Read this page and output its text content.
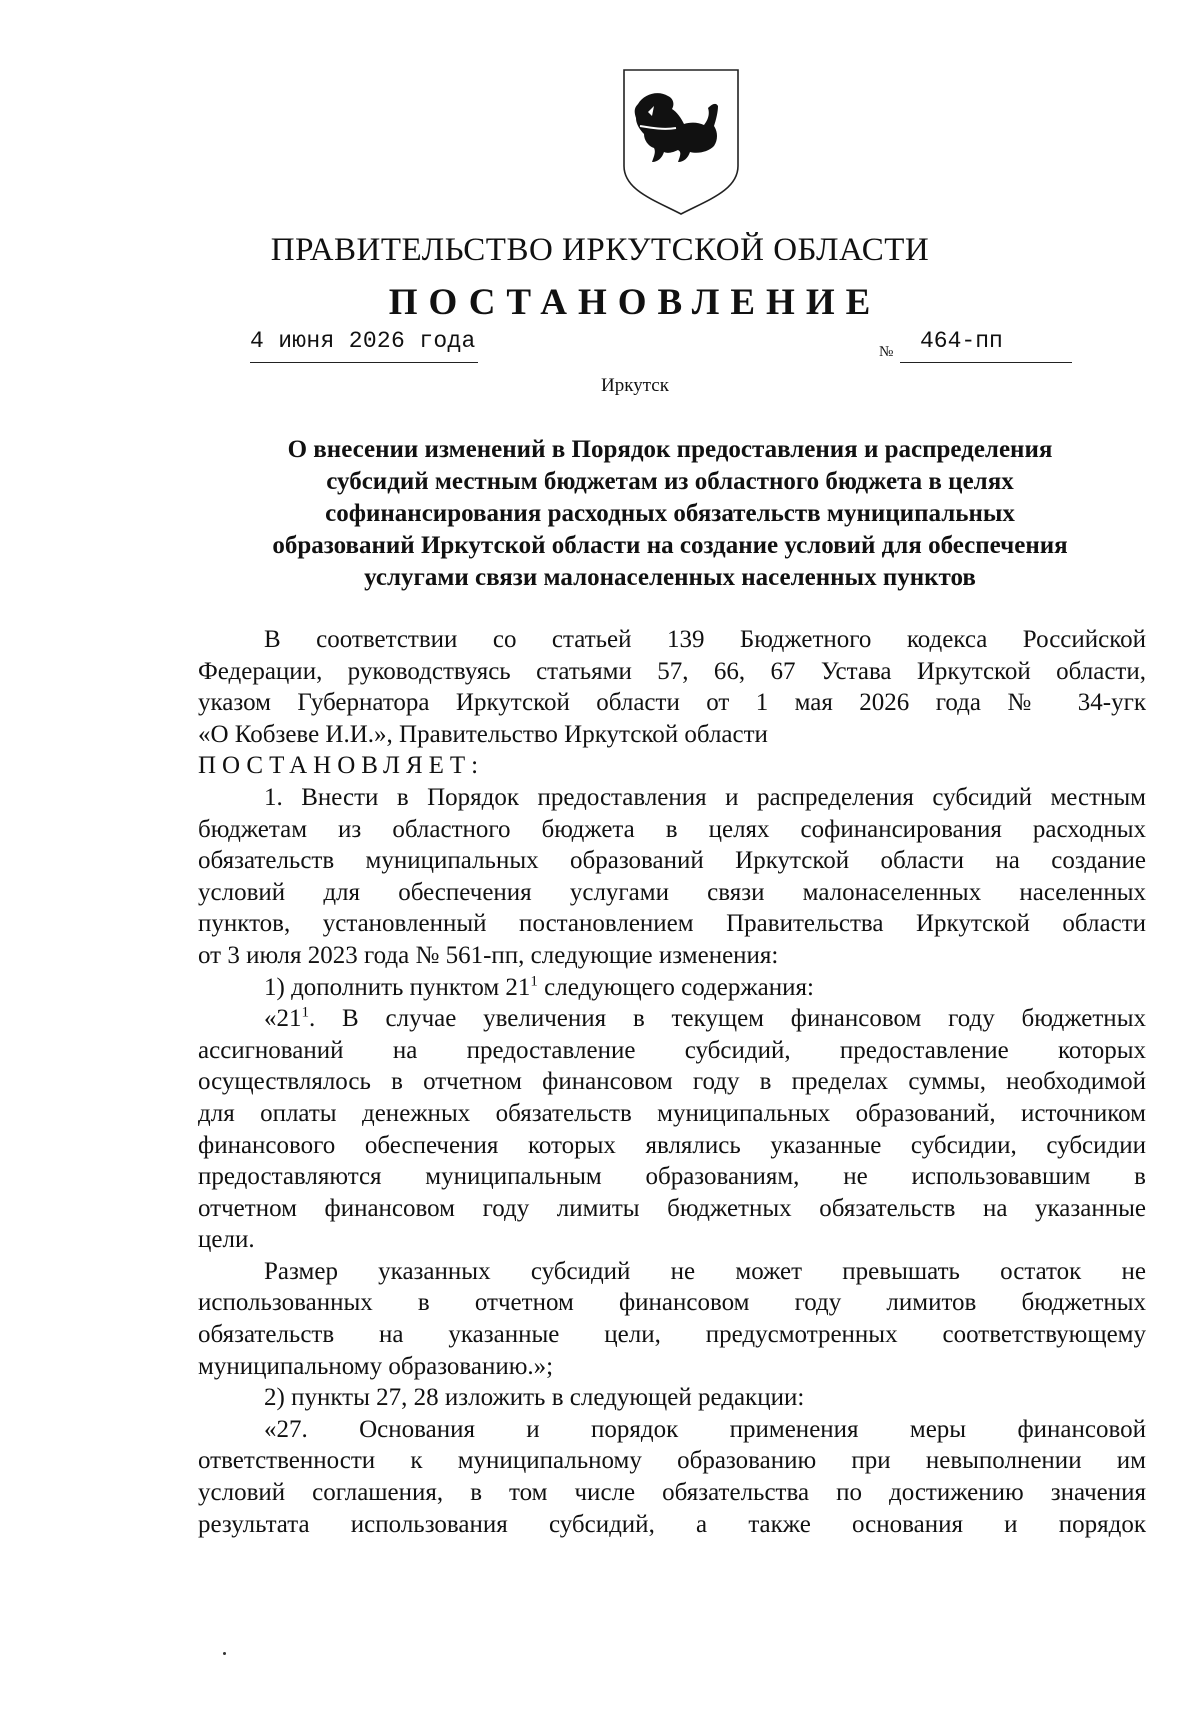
ПРАВИТЕЛЬСТВО ИРКУТСКОЙ ОБЛАСТИ
ПОСТАНОВЛЕНИЕ
4 июня 2026 года	№	464-пп
Иркутск
О внесении изменений в Порядок предоставления и распределения
субсидий местным бюджетам из областного бюджета в целях
софинансирования расходных обязательств муниципальных
образований Иркутской области на создание условий для обеспечения
услугами связи малонаселенных населенных пунктов
В соответствии со статьей 139 Бюджетного кодекса Российской
Федерации, руководствуясь статьями 57, 66, 67 Устава Иркутской области,
указом Губернатора Иркутской области от 1 мая 2026 года № 34-угк
«О Кобзеве И.И.», Правительство Иркутской области
ПОСТАНОВЛЯЕТ:
1. Внести в Порядок предоставления и распределения субсидий местным
бюджетам из областного бюджета в целях софинансирования расходных
обязательств муниципальных образований Иркутской области на создание
условий для обеспечения услугами связи малонаселенных населенных
пунктов, установленный постановлением Правительства Иркутской области
от 3 июля 2023 года № 561-пп, следующие изменения:
1) дополнить пунктом $21^1$ следующего содержания:
«$21^1$. В случае увеличения в текущем финансовом году бюджетных
ассигнований на предоставление субсидий, предоставление которых
осуществлялось в отчетном финансовом году в пределах суммы, необходимой
для оплаты денежных обязательств муниципальных образований, источником
финансового обеспечения которых являлись указанные субсидии, субсидии
предоставляются муниципальным образованиям, не использовавшим в
отчетном финансовом году лимиты бюджетных обязательств на указанные
цели.
Размер указанных субсидий не может превышать остаток не
использованных в отчетном финансовом году лимитов бюджетных
обязательств на указанные цели, предусмотренных соответствующему
муниципальному образованию.»;
2) пункты 27, 28 изложить в следующей редакции:
«27. Основания и порядок применения меры финансовой
ответственности к муниципальному образованию при невыполнении им
условий соглашения, в том числе обязательства по достижению значения
результата использования субсидий, а также основания и порядок
